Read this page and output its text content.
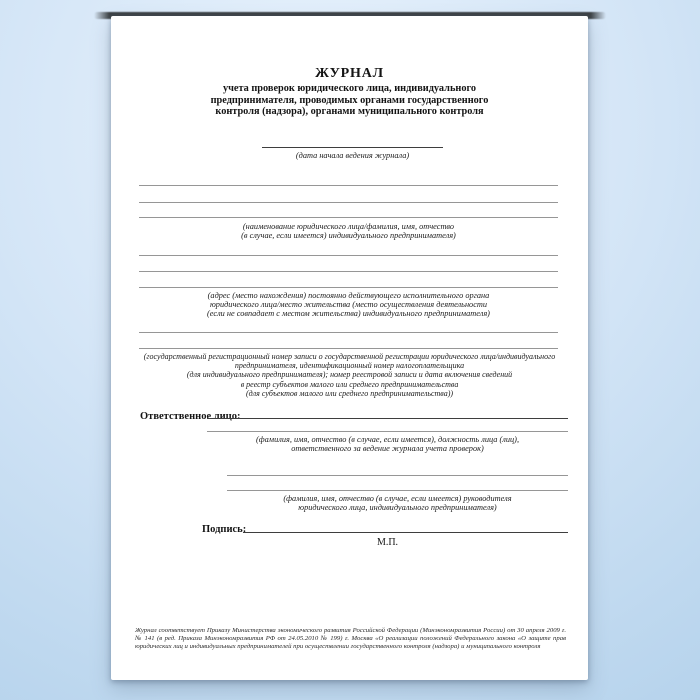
ЖУРНАЛ
учета проверок юридического лица, индивидуального
предпринимателя, проводимых органами государственного
контроля (надзора), органами муниципального контроля
(дата начала ведения журнала)
(наименование юридического лица/фамилия, имя, отчество
(в случае, если имеется) индивидуального предпринимателя)
(адрес (место нахождения) постоянно действующего исполнительного органа
юридического лица/место жительства (место осуществления деятельности
(если не совпадает с местом жительства) индивидуального предпринимателя)
(государственный регистрационный номер записи о государственной регистрации юридического лица/индивидуального
предпринимателя, идентификационный номер налогоплательщика
(для индивидуального предпринимателя); номер реестровой записи и дата включения сведений
в реестр субъектов малого или среднего предпринимательства
(для субъектов малого или среднего предпринимательства))
Ответственное лицо:
(фамилия, имя, отчество (в случае, если имеется), должность лица (лиц),
ответственного за ведение журнала учета проверок)
(фамилия, имя, отчество (в случае, если имеется) руководителя
юридического лица, индивидуального предпринимателя)
Подпись:
М.П.
Журнал соответствует Приказу Министерства экономического развития Российской Федерации (Минэкономразвития России) от 30 апреля 2009 г. № 141 (в ред. Приказа Минэкономразвития РФ от 24.05.2010 № 199) г. Москва «О реализации положений Федерального закона «О защите прав юридических лиц и индивидуальных предпринимателей при осуществлении государственного контроля (надзора) и муниципального контроля
